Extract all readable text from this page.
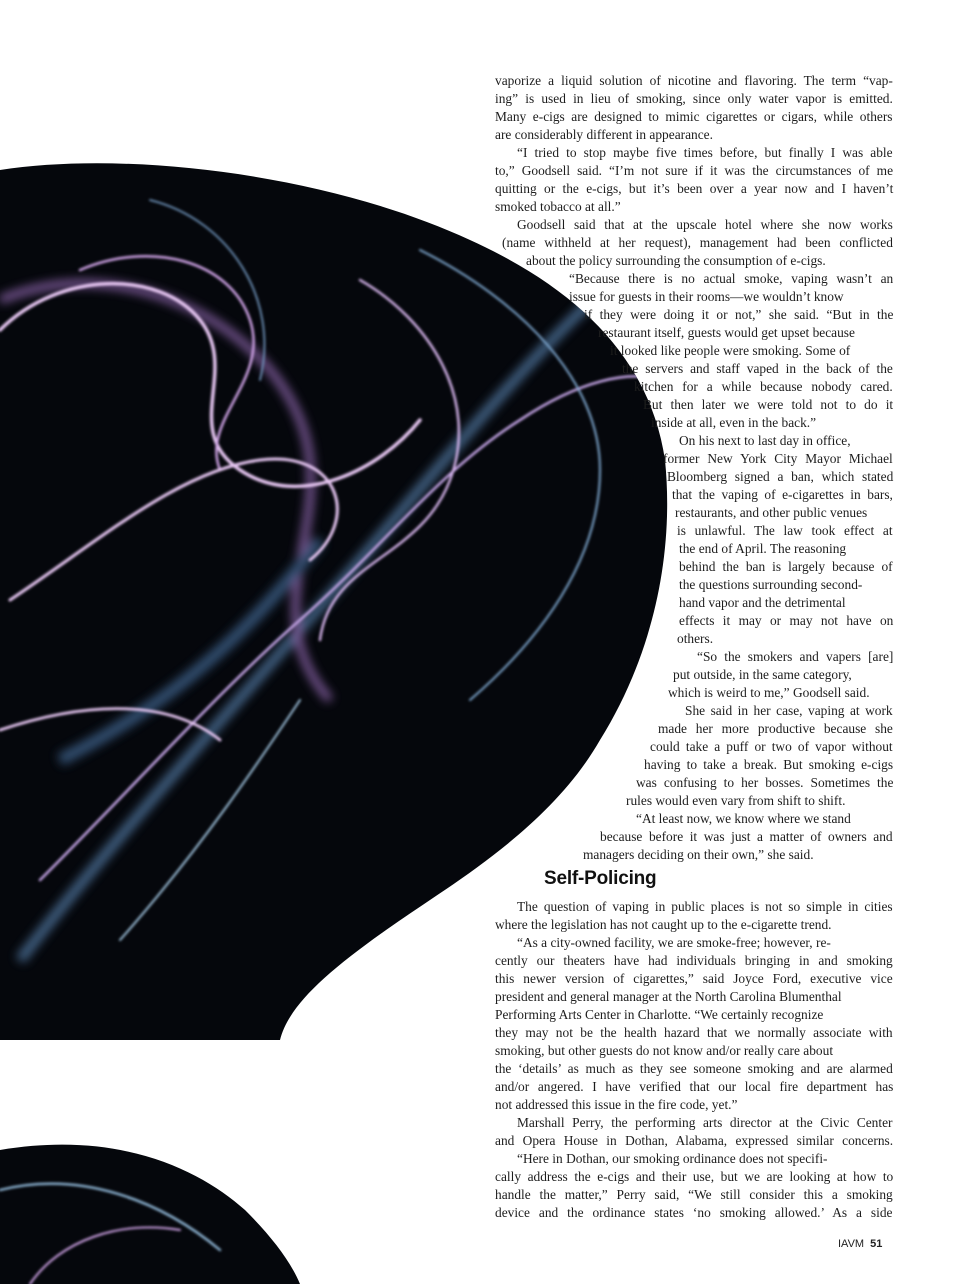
vaporize a liquid solution of nicotine and flavoring. The term “vap-
ing” is used in lieu of smoking, since only water vapor is emitted.
Many e-cigs are designed to mimic cigarettes or cigars, while others
are considerably different in appearance.
“I tried to stop maybe five times before, but finally I was able
to,” Goodsell said. “I’m not sure if it was the circumstances of me
quitting or the e-cigs, but it’s been over a year now and I haven’t
smoked tobacco at all.”
Goodsell said that at the upscale hotel where she now works
(name withheld at her request), management had been conflicted
about the policy surrounding the consumption of e-cigs.
“Because there is no actual smoke, vaping wasn’t an
issue for guests in their rooms—we wouldn’t know
if they were doing it or not,” she said. “But in the
restaurant itself, guests would get upset because
it looked like people were smoking. Some of
the servers and staff vaped in the back of the
kitchen for a while because nobody cared.
But then later we were told not to do it
inside at all, even in the back.”
On his next to last day in office,
former New York City Mayor Michael
Bloomberg signed a ban, which stated
that the vaping of e-cigarettes in bars,
restaurants, and other public venues
is unlawful. The law took effect at
the end of April. The reasoning
behind the ban is largely because of
the questions surrounding second-
hand vapor and the detrimental
effects it may or may not have on
others.
“So the smokers and vapers [are]
put outside, in the same category,
which is weird to me,” Goodsell said.
She said in her case, vaping at work
made her more productive because she
could take a puff or two of vapor without
having to take a break. But smoking e-cigs
was confusing to her bosses. Sometimes the
rules would even vary from shift to shift.
“At least now, we know where we stand
because before it was just a matter of owners and
managers deciding on their own,” she said.
Self-Policing
The question of vaping in public places is not so simple in cities
where the legislation has not caught up to the e-cigarette trend.
“As a city-owned facility, we are smoke-free; however, re-
cently our theaters have had individuals bringing in and smoking
this newer version of cigarettes,” said Joyce Ford, executive vice
president and general manager at the North Carolina Blumenthal
Performing Arts Center in Charlotte. “We certainly recognize
they may not be the health hazard that we normally associate with
smoking, but other guests do not know and/or really care about
the ‘details’ as much as they see someone smoking and are alarmed
and/or angered. I have verified that our local fire department has
not addressed this issue in the fire code, yet.”
Marshall Perry, the performing arts director at the Civic Center
and Opera House in Dothan, Alabama, expressed similar concerns.
“Here in Dothan, our smoking ordinance does not specifi-
cally address the e-cigs and their use, but we are looking at how to
handle the matter,” Perry said, “We still consider this a smoking
device and the ordinance states ‘no smoking allowed.’ As a side
IAVM 51
